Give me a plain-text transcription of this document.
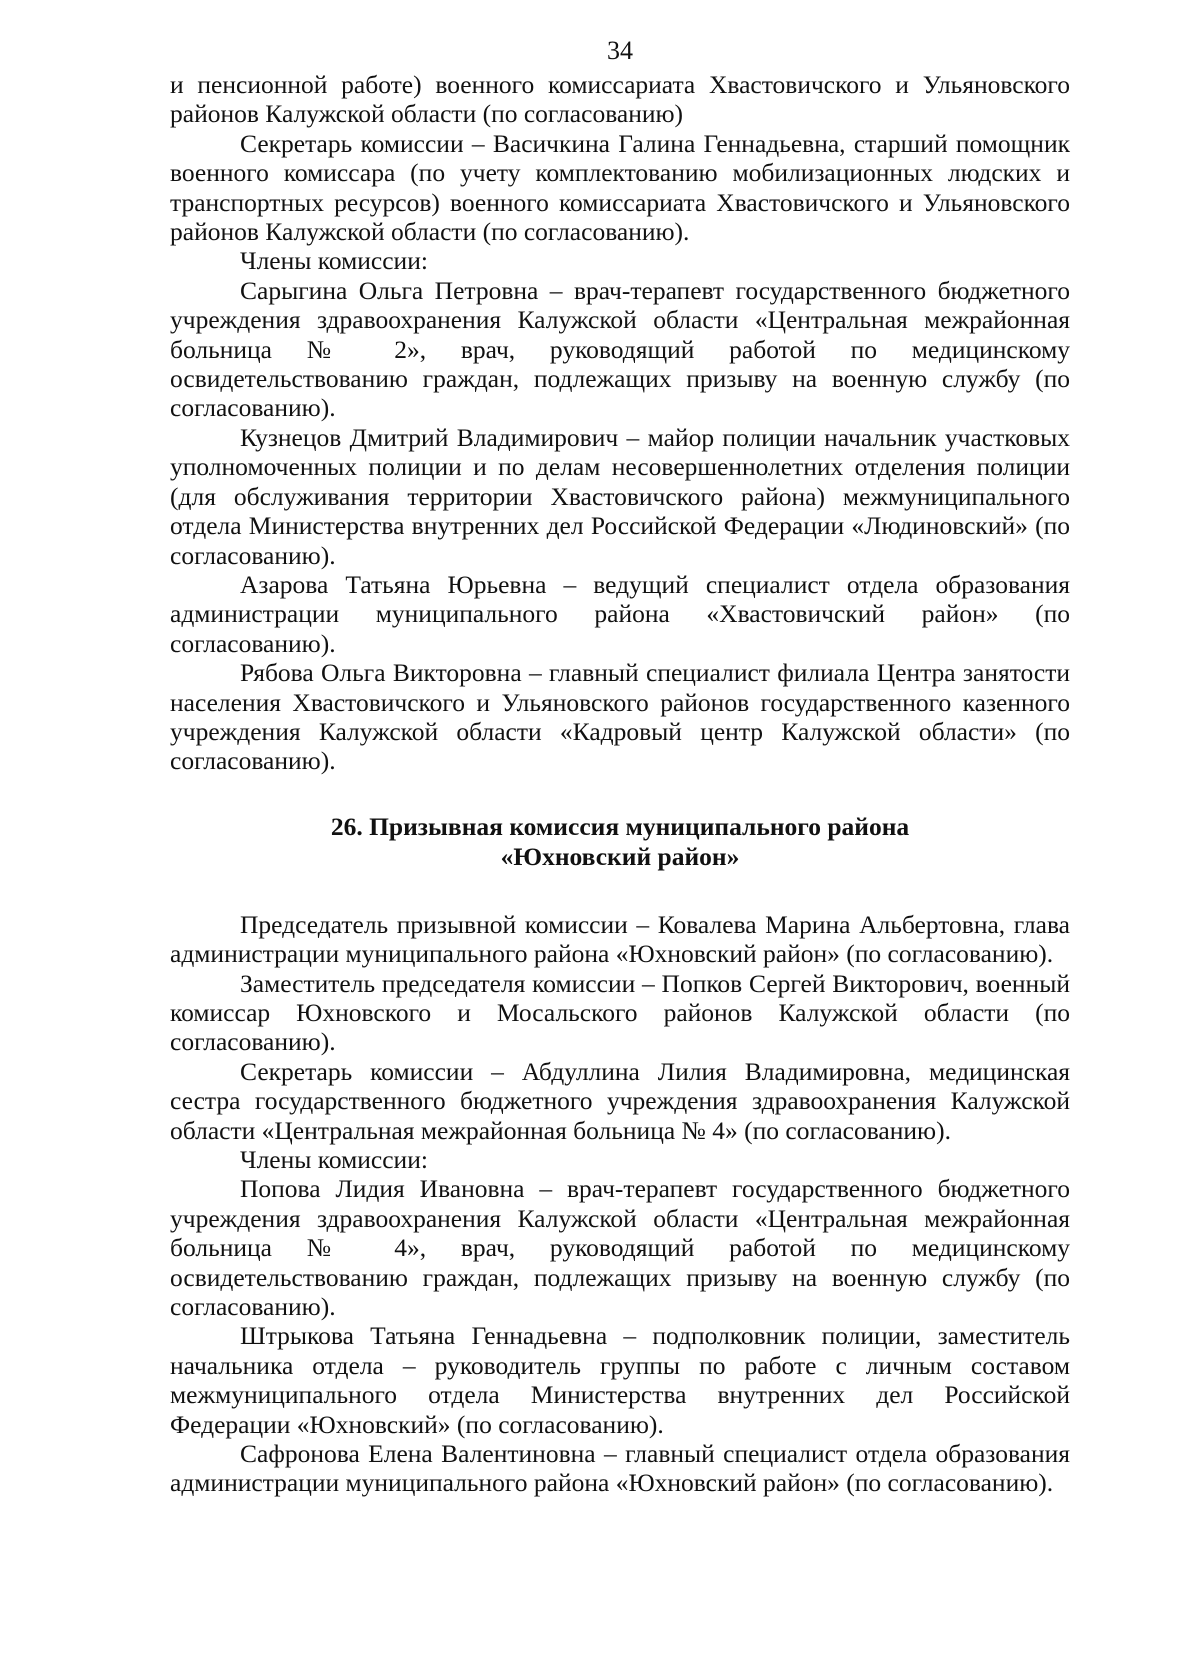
34

и пенсионной работе) военного комиссариата Хвастовичского и Ульяновского районов Калужской области (по согласованию)

Секретарь комиссии – Васичкина Галина Геннадьевна, старший помощник военного комиссара (по учету комплектованию мобилизационных людских и транспортных ресурсов) военного комиссариата Хвастовичского и Ульяновского районов Калужской области (по согласованию).

Члены комиссии:

Сарыгина Ольга Петровна – врач-терапевт государственного бюджетного учреждения здравоохранения Калужской области «Центральная межрайонная больница № 2», врач, руководящий работой по медицинскому освидетельствованию граждан, подлежащих призыву на военную службу (по согласованию).

Кузнецов Дмитрий Владимирович – майор полиции начальник участковых уполномоченных полиции и по делам несовершеннолетних отделения полиции (для обслуживания территории Хвастовичского района) межмуниципального отдела Министерства внутренних дел Российской Федерации «Людиновский» (по согласованию).

Азарова Татьяна Юрьевна – ведущий специалист отдела образования администрации муниципального района «Хвастовичский район» (по согласованию).

Рябова Ольга Викторовна – главный специалист филиала Центра занятости населения Хвастовичского и Ульяновского районов государственного казенного учреждения Калужской области «Кадровый центр Калужской области» (по согласованию).

26. Призывная комиссия муниципального района
«Юхновский район»

Председатель призывной комиссии – Ковалева Марина Альбертовна, глава администрации муниципального района «Юхновский район» (по согласованию).

Заместитель председателя комиссии – Попков Сергей Викторович, военный комиссар Юхновского и Мосальского районов Калужской области (по согласованию).

Секретарь комиссии – Абдуллина Лилия Владимировна, медицинская сестра государственного бюджетного учреждения здравоохранения Калужской области «Центральная межрайонная больница № 4» (по согласованию).

Члены комиссии:

Попова Лидия Ивановна – врач-терапевт государственного бюджетного учреждения здравоохранения Калужской области «Центральная межрайонная больница № 4», врач, руководящий работой по медицинскому освидетельствованию граждан, подлежащих призыву на военную службу (по согласованию).

Штрыкова Татьяна Геннадьевна – подполковник полиции, заместитель начальника отдела – руководитель группы по работе с личным составом межмуниципального отдела Министерства внутренних дел Российской Федерации «Юхновский» (по согласованию).

Сафронова Елена Валентиновна – главный специалист отдела образования администрации муниципального района «Юхновский район» (по согласованию).
